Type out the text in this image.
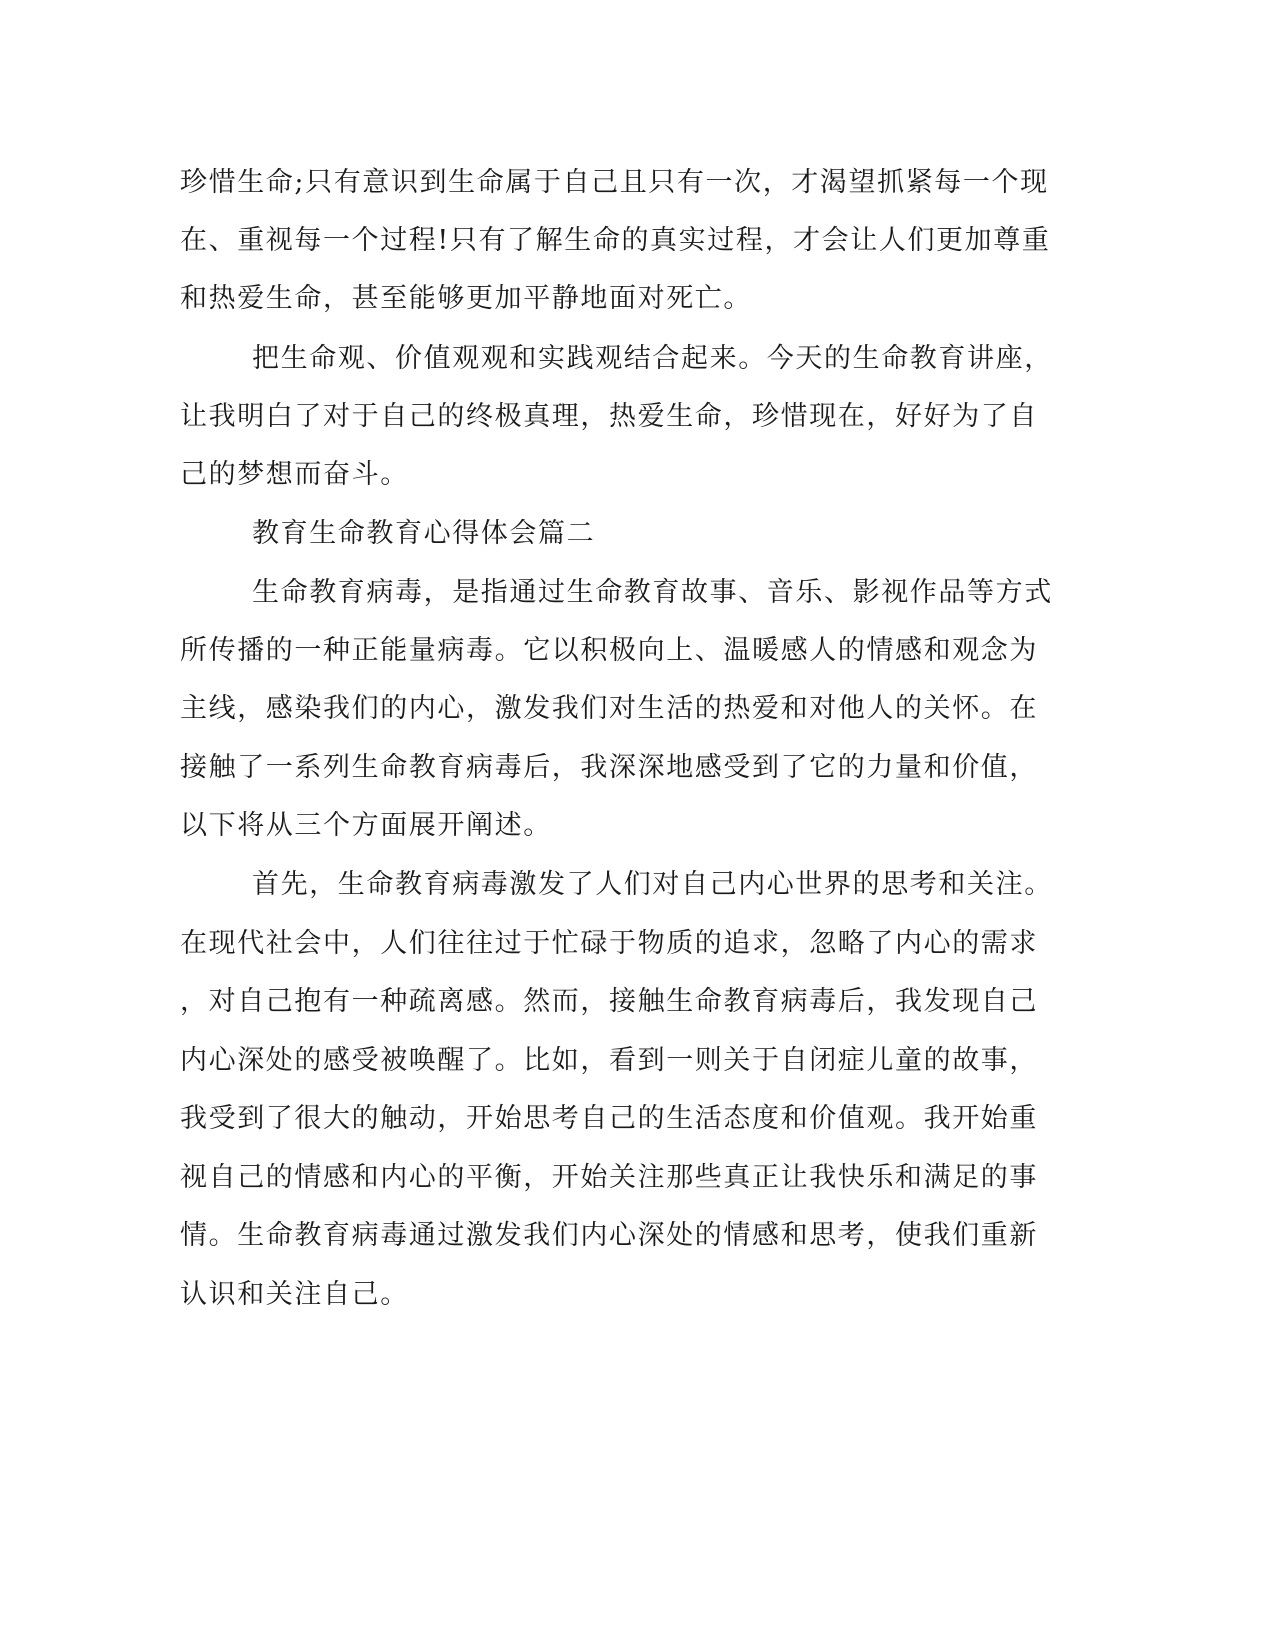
珍惜生命;只有意识到生命属于自己且只有一次，才渴望抓紧每一个现
在、重视每一个过程!只有了解生命的真实过程，才会让人们更加尊重
和热爱生命，甚至能够更加平静地面对死亡。
把生命观、价值观观和实践观结合起来。今天的生命教育讲座，
让我明白了对于自己的终极真理，热爱生命，珍惜现在，好好为了自
己的梦想而奋斗。
教育生命教育心得体会篇二
生命教育病毒，是指通过生命教育故事、音乐、影视作品等方式
所传播的一种正能量病毒。它以积极向上、温暖感人的情感和观念为
主线，感染我们的内心，激发我们对生活的热爱和对他人的关怀。在
接触了一系列生命教育病毒后，我深深地感受到了它的力量和价值，
以下将从三个方面展开阐述。
首先，生命教育病毒激发了人们对自己内心世界的思考和关注。
在现代社会中，人们往往过于忙碌于物质的追求，忽略了内心的需求
，对自己抱有一种疏离感。然而，接触生命教育病毒后，我发现自己
内心深处的感受被唤醒了。比如，看到一则关于自闭症儿童的故事，
我受到了很大的触动，开始思考自己的生活态度和价值观。我开始重
视自己的情感和内心的平衡，开始关注那些真正让我快乐和满足的事
情。生命教育病毒通过激发我们内心深处的情感和思考，使我们重新
认识和关注自己。
